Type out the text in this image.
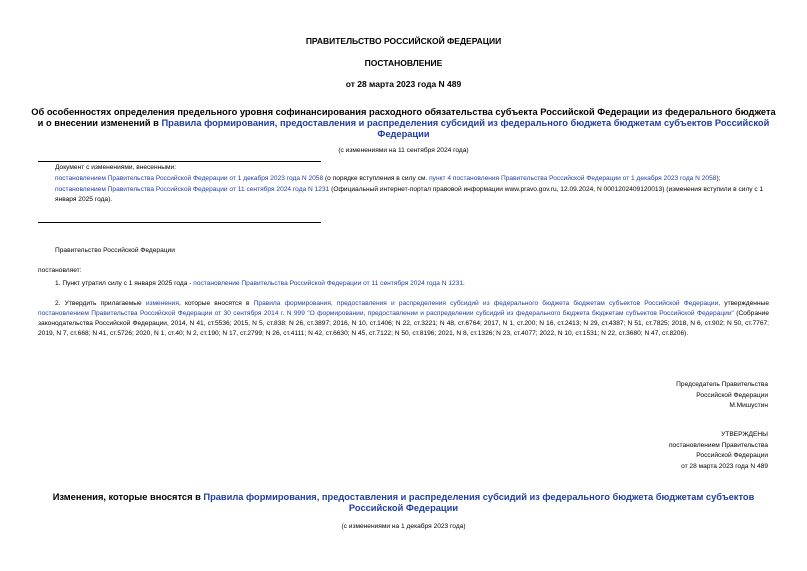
ПРАВИТЕЛЬСТВО РОССИЙСКОЙ ФЕДЕРАЦИИ
ПОСТАНОВЛЕНИЕ
от 28 марта 2023 года N 489
Об особенностях определения предельного уровня софинансирования расходного обязательства субъекта Российской Федерации из федерального бюджета и о внесении изменений в Правила формирования, предоставления и распределения субсидий из федерального бюджета бюджетам субъектов Российской Федерации
(с изменениями на 11 сентября 2024 года)
Документ с изменениями, внесенными:
постановлением Правительства Российской Федерации от 1 декабря 2023 года N 2058 (о порядке вступления в силу см. пункт 4 постановления Правительства Российской Федерации от 1 декабря 2023 года N 2058);
постановлением Правительства Российской Федерации от 11 сентября 2024 года N 1231 (Официальный интернет-портал правовой информации www.pravo.gov.ru, 12.09.2024, N 0001202409120013) (изменения вступили в силу с 1 января 2025 года).
Правительство Российской Федерации
постановляет:
1. Пункт утратил силу с 1 января 2025 года - постановление Правительства Российской Федерации от 11 сентября 2024 года N 1231.
2. Утвердить прилагаемые изменения, которые вносятся в Правила формирования, предоставления и распределения субсидий из федерального бюджета бюджетам субъектов Российской Федерации, утвержденные постановлением Правительства Российской Федерации от 30 сентября 2014 г. N 999 "О формировании, предоставлении и распределении субсидий из федерального бюджета бюджетам субъектов Российской Федерации" (Собрание законодательства Российской Федерации, 2014, N 41, ст.5536; 2015, N 5, ст.838; N 26, ст.3897; 2016, N 10, ст.1406; N 22, ст.3221; N 48, ст.6764; 2017, N 1, ст.200; N 16, ст.2413; N 29, ст.4387; N 51, ст.7825; 2018, N 6, ст.902; N 50, ст.7767; 2019, N 7, ст.668; N 41, ст.5726; 2020, N 1, ст.40; N 2, ст.190; N 17, ст.2799; N 26, ст.4111; N 42, ст.6630; N 45, ст.7122; N 50, ст.8196; 2021, N 8, ст.1326; N 23, ст.4077; 2022, N 10, ст.1531; N 22, ст.3680; N 47, ст.8206).
Председатель Правительства
Российской Федерации
М.Мишустин
УТВЕРЖДЕНЫ
постановлением Правительства
Российской Федерации
от 28 марта 2023 года N 489
Изменения, которые вносятся в Правила формирования, предоставления и распределения субсидий из федерального бюджета бюджетам субъектов Российской Федерации
(с изменениями на 1 декабря 2023 года)
